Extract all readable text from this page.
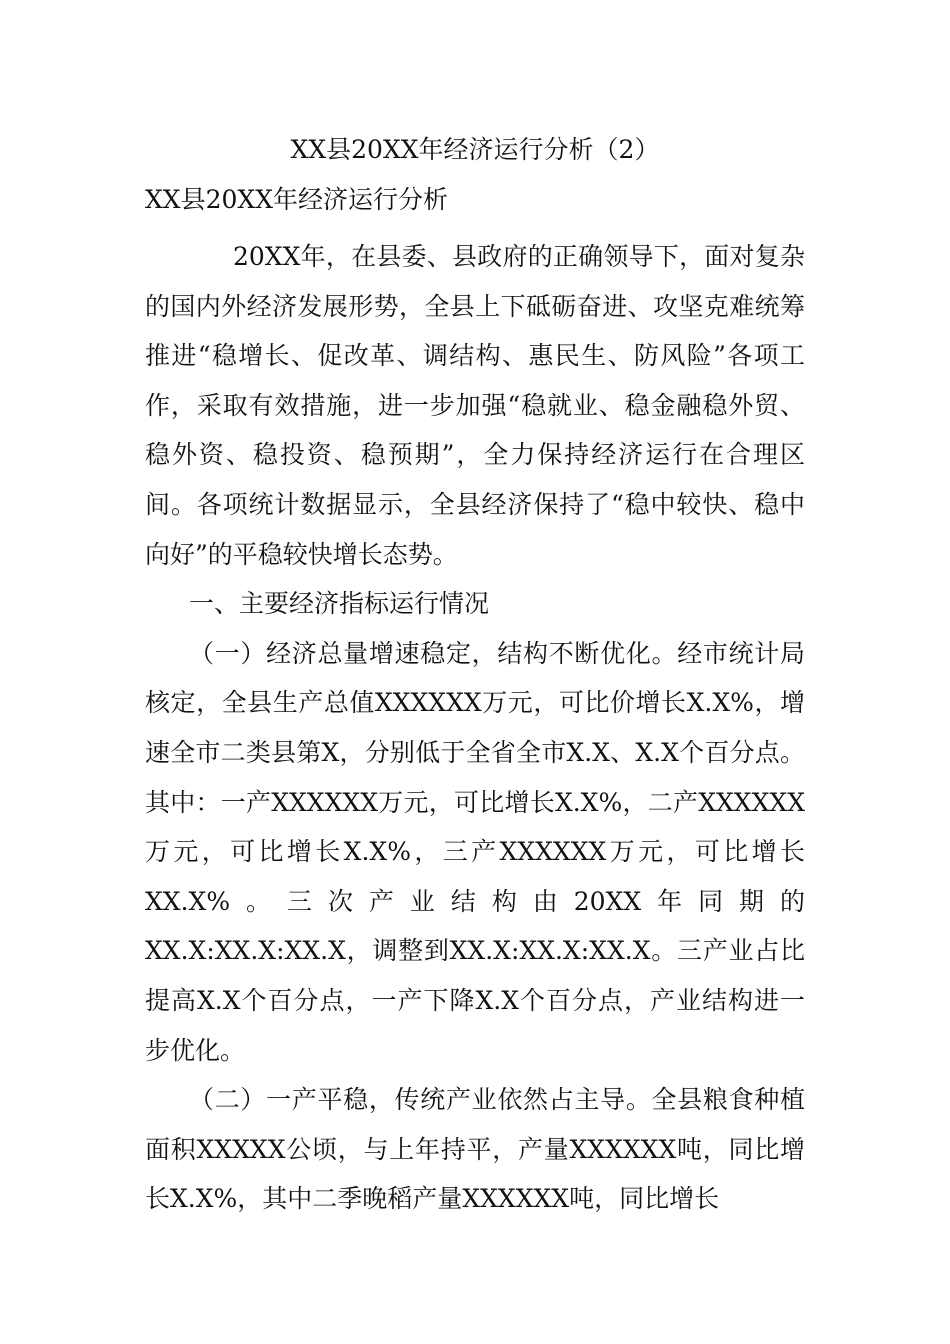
XX县20XX年经济运行分析（2）
XX县20XX年经济运行分析

20XX年，在县委、县政府的正确领导下，面对复杂的国内外经济发展形势，全县上下砥砺奋进、攻坚克难统筹推进“稳增长、促改革、调结构、惠民生、防风险”各项工作，采取有效措施，进一步加强“稳就业、稳金融稳外贸、稳外资、稳投资、稳预期”，全力保持经济运行在合理区间。各项统计数据显示，全县经济保持了“稳中较快、稳中向好”的平稳较快增长态势。

一、主要经济指标运行情况

（一）经济总量增速稳定，结构不断优化。经市统计局核定，全县生产总值XXXXXX万元，可比价增长X.X%，增速全市二类县第X，分别低于全省全市X.X、X.X个百分点。其中：一产XXXXXX万元，可比增长X.X%，二产XXXXXX万元，可比增长X.X%，三产XXXXXX万元，可比增长XX.X%。三次产业结构由20XX年同期的XX.X:XX.X:XX.X，调整到XX.X:XX.X:XX.X。三产业占比提高X.X个百分点，一产下降X.X个百分点，产业结构进一步优化。

（二）一产平稳，传统产业依然占主导。全县粮食种植面积XXXXX公顷，与上年持平，产量XXXXXX吨，同比增长X.X%，其中二季晚稻产量XXXXXX吨，同比增长
